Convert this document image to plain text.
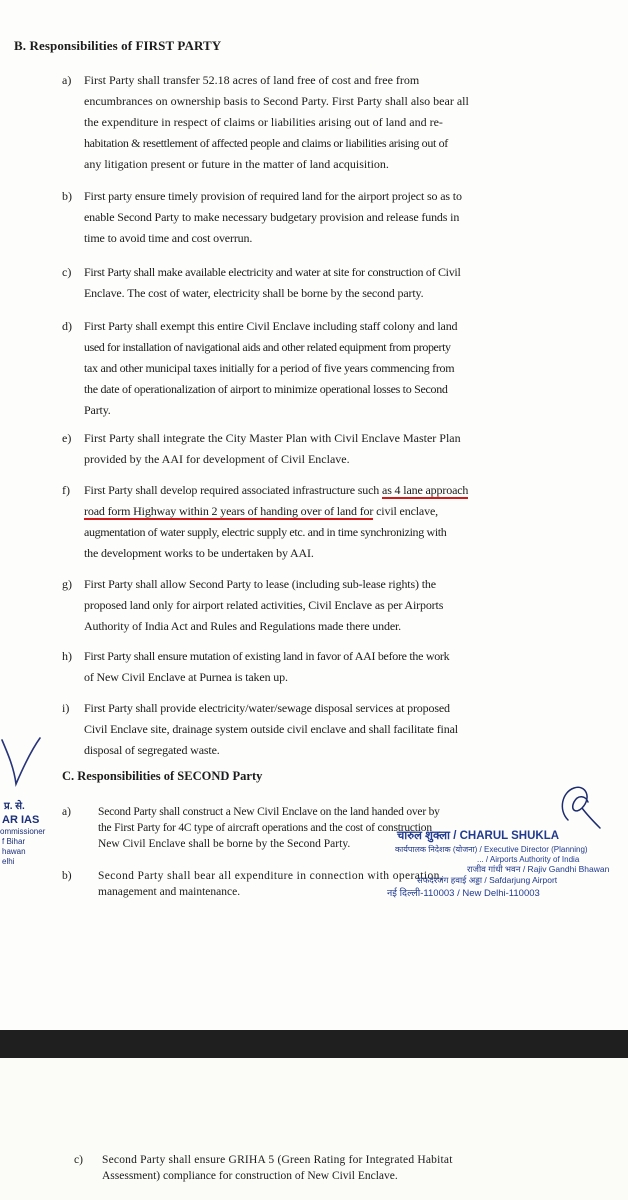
B. Responsibilities of FIRST PARTY
a) First Party shall transfer 52.18 acres of land free of cost and free from
encumbrances on ownership basis to Second Party. First Party shall also bear all
the expenditure in respect of claims or liabilities arising out of land and re-
habitation & resettlement of affected people and claims or liabilities arising out of
any litigation present or future in the matter of land acquisition.
b) First party ensure timely provision of required land for the airport project so as to
enable Second Party to make necessary budgetary provision and release funds in
time to avoid time and cost overrun.
c) First Party shall make available electricity and water at site for construction of Civil
Enclave. The cost of water, electricity shall be borne by the second party.
d) First Party shall exempt this entire Civil Enclave including staff colony and land
used for installation of navigational aids and other related equipment from property
tax and other municipal taxes initially for a period of five years commencing from
the date of operationalization of airport to minimize operational losses to Second
Party.
e) First Party shall integrate the City Master Plan with Civil Enclave Master Plan
provided by the AAI for development of Civil Enclave.
f) First Party shall develop required associated infrastructure such as 4 lane approach
road form Highway within 2 years of handing over of land for civil enclave,
augmentation of water supply, electric supply etc. and in time synchronizing with
the development works to be undertaken by AAI.
g) First Party shall allow Second Party to lease (including sub-lease rights) the
proposed land only for airport related activities, Civil Enclave as per Airports
Authority of India Act and Rules and Regulations made there under.
h) First Party shall ensure mutation of existing land in favor of AAI before the work
of New Civil Enclave at Purnea is taken up.
i) First Party shall provide electricity/water/sewage disposal services at proposed
Civil Enclave site, drainage system outside civil enclave and shall facilitate final
disposal of segregated waste.
C. Responsibilities of SECOND Party
प्र. से.
AR IAS
ommissioner
f Bihar
hawan
elhi
a) Second Party shall construct a New Civil Enclave on the land handed over by
the First Party for 4C type of aircraft operations and the cost of construction
New Civil Enclave shall be borne by the Second Party.
b) Second Party shall bear all expenditure in connection with operation,
management and maintenance.
चारुल शुक्ला / CHARUL SHUKLA
कार्यपालक निदेशक (योजना) / Executive Director (Planning)
... / Airports Authority of India
राजीव गांधी भवन / Rajiv Gandhi Bhawan
सफदरजंग हवाई अड्डा / Safdarjung Airport
नई दिल्ली-110003 / New Delhi-110003
c) Second Party shall ensure GRIHA 5 (Green Rating for Integrated Habitat
Assessment) compliance for construction of New Civil Enclave.
